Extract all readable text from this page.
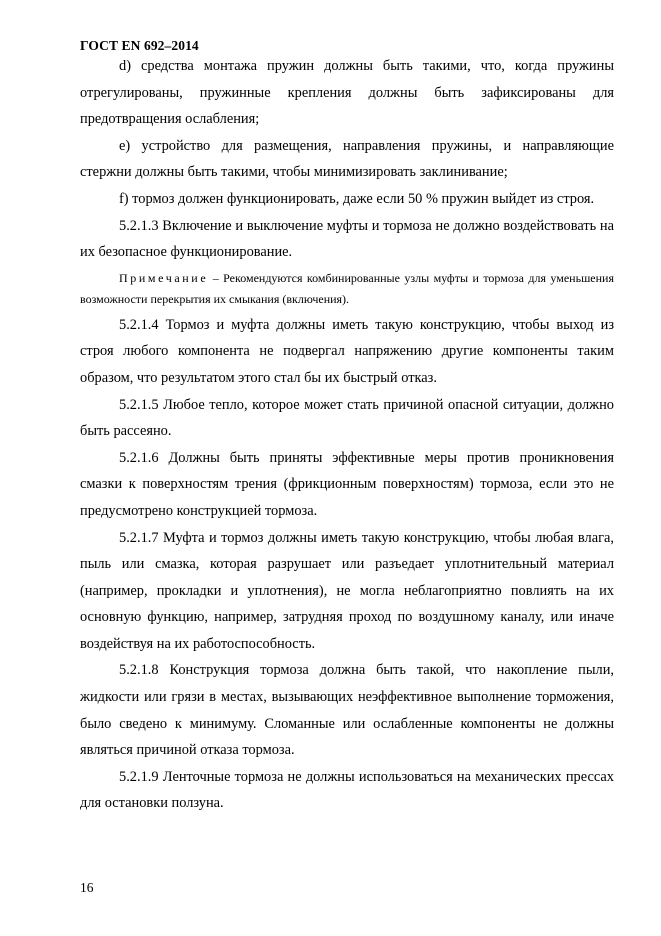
ГОСТ EN 692–2014

d) средства монтажа пружин должны быть такими, что, когда пружины отрегулированы, пружинные крепления должны быть зафиксированы для предотвращения ослабления;

e) устройство для размещения, направления пружины, и направляющие стержни должны быть такими, чтобы минимизировать заклинивание;

f) тормоз должен функционировать, даже если 50 % пружин выйдет из строя.

5.2.1.3 Включение и выключение муфты и тормоза не должно воздействовать на их безопасное функционирование.

Примечание – Рекомендуются комбинированные узлы муфты и тормоза для уменьшения возможности перекрытия их смыкания (включения).

5.2.1.4 Тормоз и муфта должны иметь такую конструкцию, чтобы выход из строя любого компонента не подвергал напряжению другие компоненты таким образом, что результатом этого стал бы их быстрый отказ.

5.2.1.5 Любое тепло, которое может стать причиной опасной ситуации, должно быть рассеяно.

5.2.1.6 Должны быть приняты эффективные меры против проникновения смазки к поверхностям трения (фрикционным поверхностям) тормоза, если это не предусмотрено конструкцией тормоза.

5.2.1.7 Муфта и тормоз должны иметь такую конструкцию, чтобы любая влага, пыль или смазка, которая разрушает или разъедает уплотнительный материал (например, прокладки и уплотнения), не могла неблагоприятно повлиять на их основную функцию, например, затрудняя проход по воздушному каналу, или иначе воздействуя на их работоспособность.

5.2.1.8 Конструкция тормоза должна быть такой, что накопление пыли, жидкости или грязи в местах, вызывающих неэффективное выполнение торможения, было сведено к минимуму. Сломанные или ослабленные компоненты не должны являться причиной отказа тормоза.

5.2.1.9 Ленточные тормоза не должны использоваться на механических прессах для остановки ползуна.

16
